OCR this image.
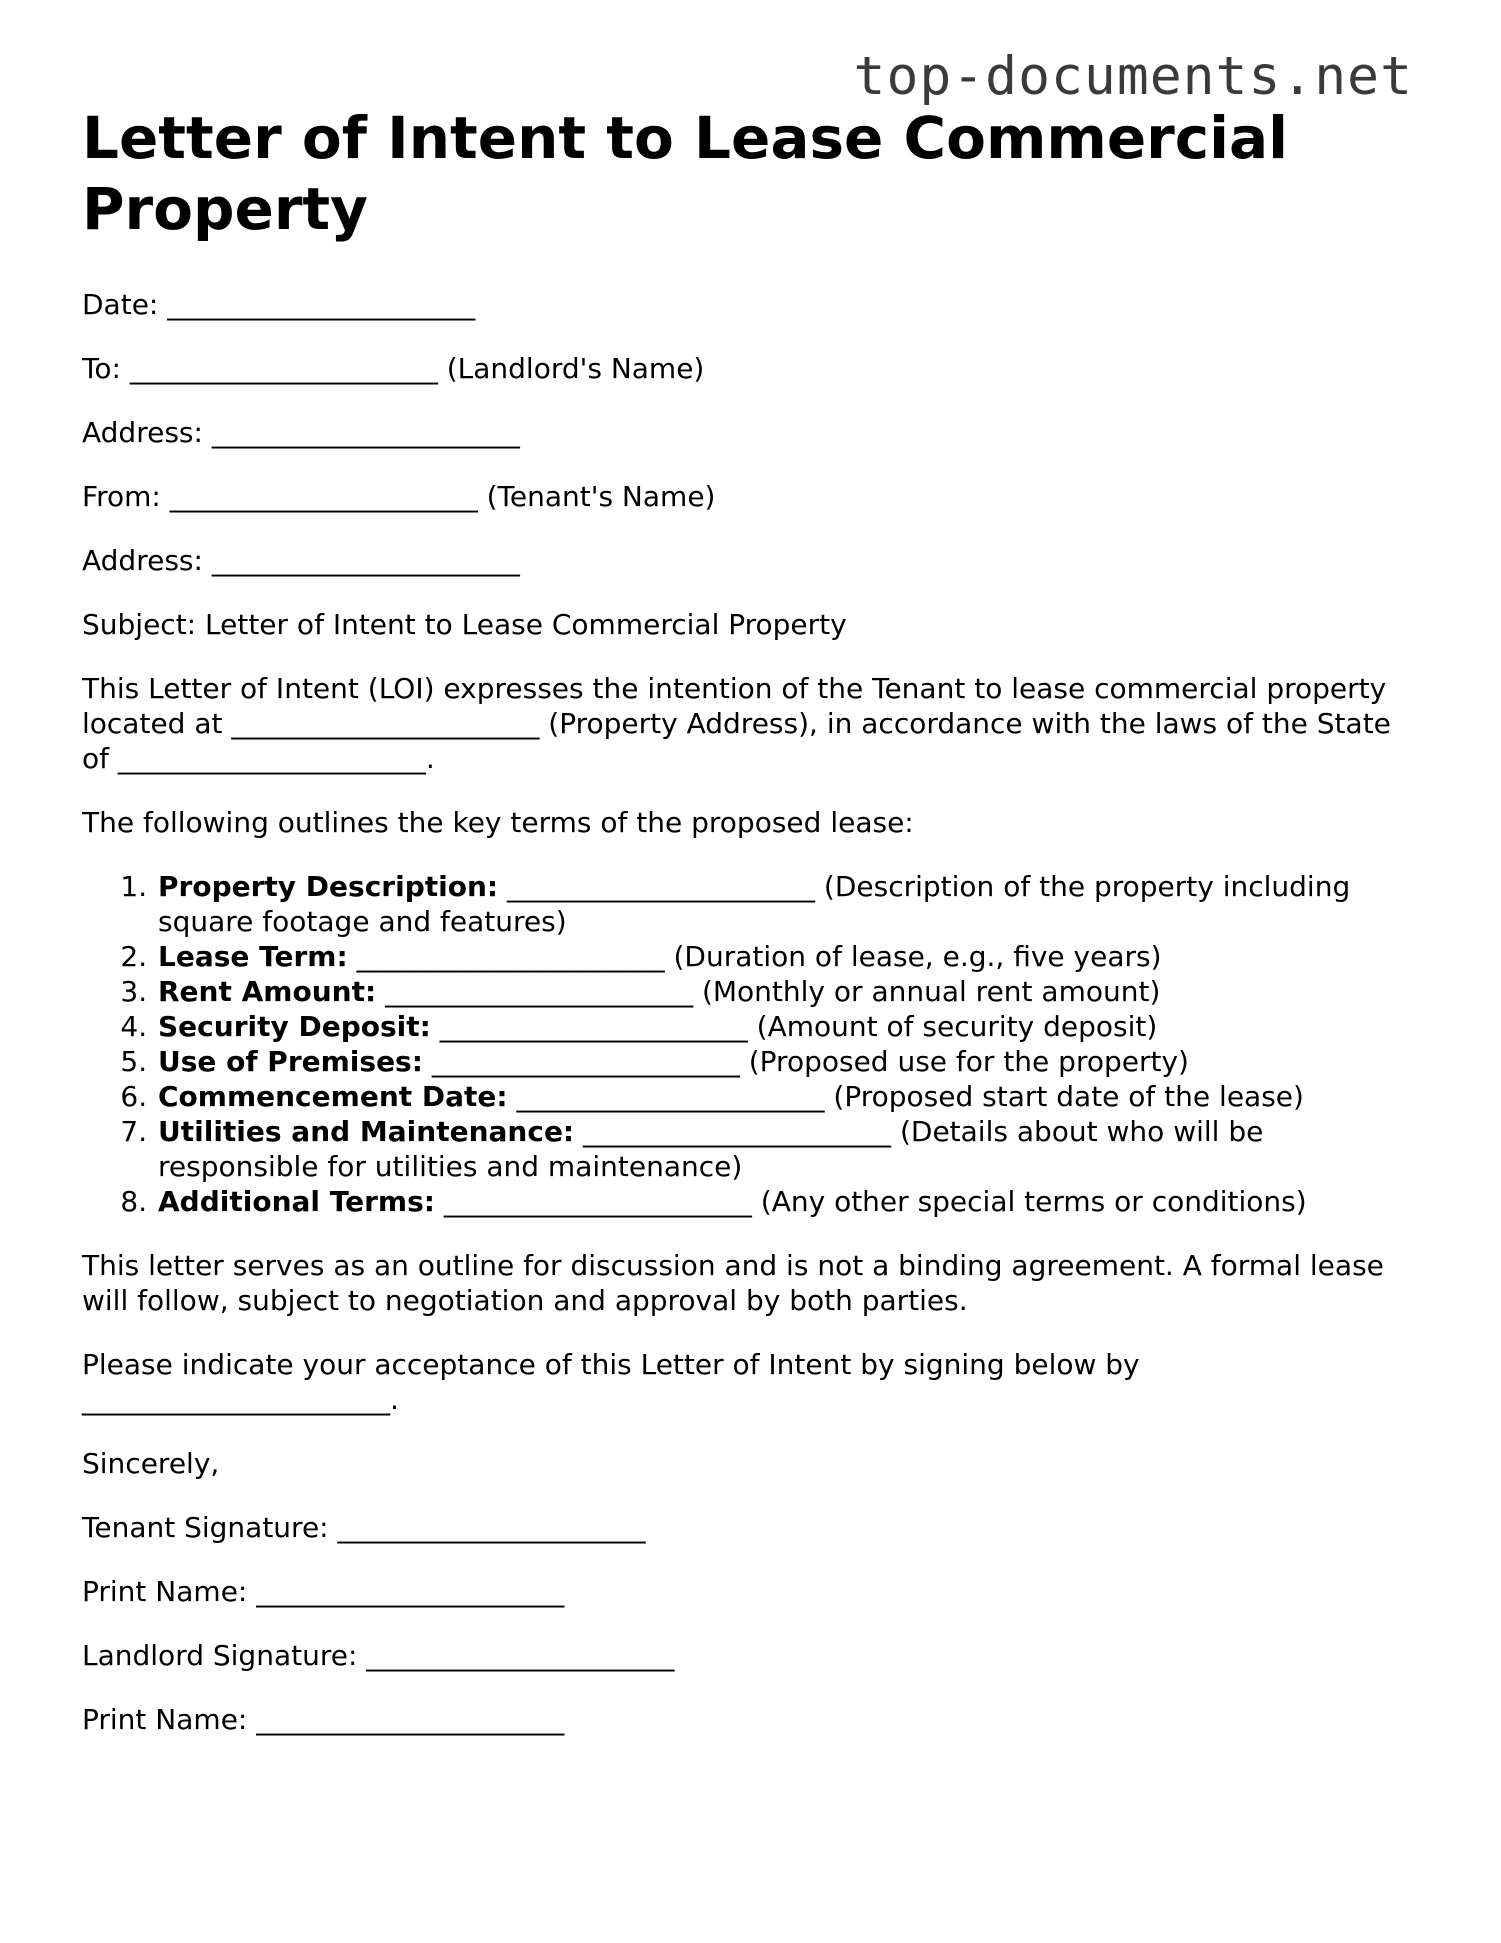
top-documents.net
Letter of Intent to Lease Commercial Property

Date: ______________________

To: ______________________ (Landlord's Name)

Address: ______________________

From: ______________________ (Tenant's Name)

Address: ______________________

Subject: Letter of Intent to Lease Commercial Property

This Letter of Intent (LOI) expresses the intention of the Tenant to lease commercial property located at ______________________ (Property Address), in accordance with the laws of the State of ______________________.

The following outlines the key terms of the proposed lease:

1. Property Description: ______________________ (Description of the property including square footage and features)
2. Lease Term: ______________________ (Duration of lease, e.g., five years)
3. Rent Amount: ______________________ (Monthly or annual rent amount)
4. Security Deposit: ______________________ (Amount of security deposit)
5. Use of Premises: ______________________ (Proposed use for the property)
6. Commencement Date: ______________________ (Proposed start date of the lease)
7. Utilities and Maintenance: ______________________ (Details about who will be responsible for utilities and maintenance)
8. Additional Terms: ______________________ (Any other special terms or conditions)

This letter serves as an outline for discussion and is not a binding agreement. A formal lease will follow, subject to negotiation and approval by both parties.

Please indicate your acceptance of this Letter of Intent by signing below by
______________________.

Sincerely,

Tenant Signature: ______________________

Print Name: ______________________

Landlord Signature: ______________________

Print Name: ______________________
